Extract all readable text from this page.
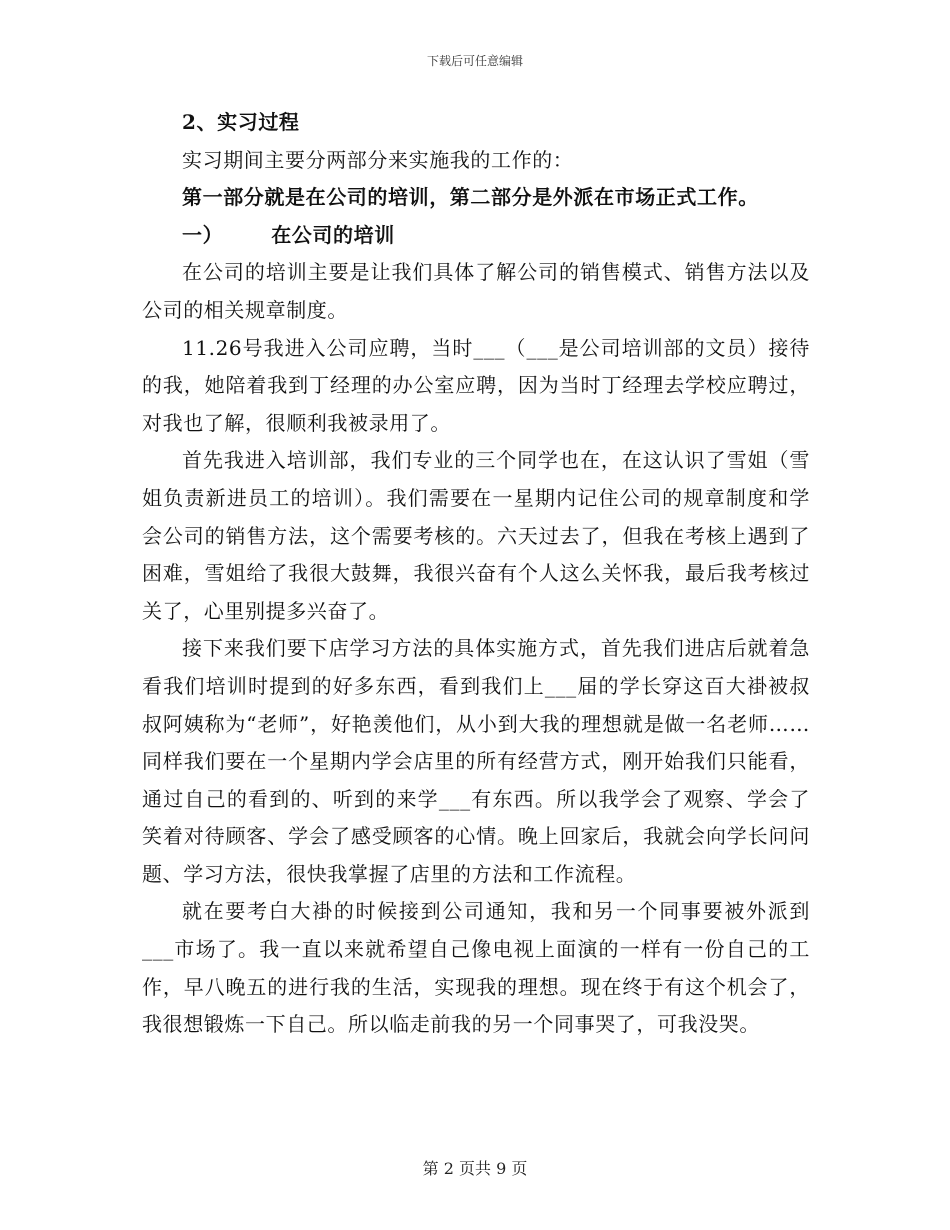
下载后可任意编辑

2、实习过程

实习期间主要分两部分来实施我的工作的：

第一部分就是在公司的培训，第二部分是外派在市场正式工作。

一） 在公司的培训

在公司的培训主要是让我们具体了解公司的销售模式、销售方法以及公司的相关规章制度。

11.26号我进入公司应聘，当时___（___是公司培训部的文员）接待的我，她陪着我到丁经理的办公室应聘，因为当时丁经理去学校应聘过，对我也了解，很顺利我被录用了。

首先我进入培训部，我们专业的三个同学也在，在这认识了雪姐（雪姐负责新进员工的培训）。我们需要在一星期内记住公司的规章制度和学会公司的销售方法，这个需要考核的。六天过去了，但我在考核上遇到了困难，雪姐给了我很大鼓舞，我很兴奋有个人这么关怀我，最后我考核过关了，心里别提多兴奋了。

接下来我们要下店学习方法的具体实施方式，首先我们进店后就着急看我们培训时提到的好多东西，看到我们上___届的学长穿这百大褂被叔叔阿姨称为“老师”，好艳羡他们，从小到大我的理想就是做一名老师……同样我们要在一个星期内学会店里的所有经营方式，刚开始我们只能看，通过自己的看到的、听到的来学___有东西。所以我学会了观察、学会了笑着对待顾客、学会了感受顾客的心情。晚上回家后，我就会向学长问问题、学习方法，很快我掌握了店里的方法和工作流程。

就在要考白大褂的时候接到公司通知，我和另一个同事要被外派到___市场了。我一直以来就希望自己像电视上面演的一样有一份自己的工作，早八晚五的进行我的生活，实现我的理想。现在终于有这个机会了，我很想锻炼一下自己。所以临走前我的另一个同事哭了，可我没哭。

第 2 页共 9 页
